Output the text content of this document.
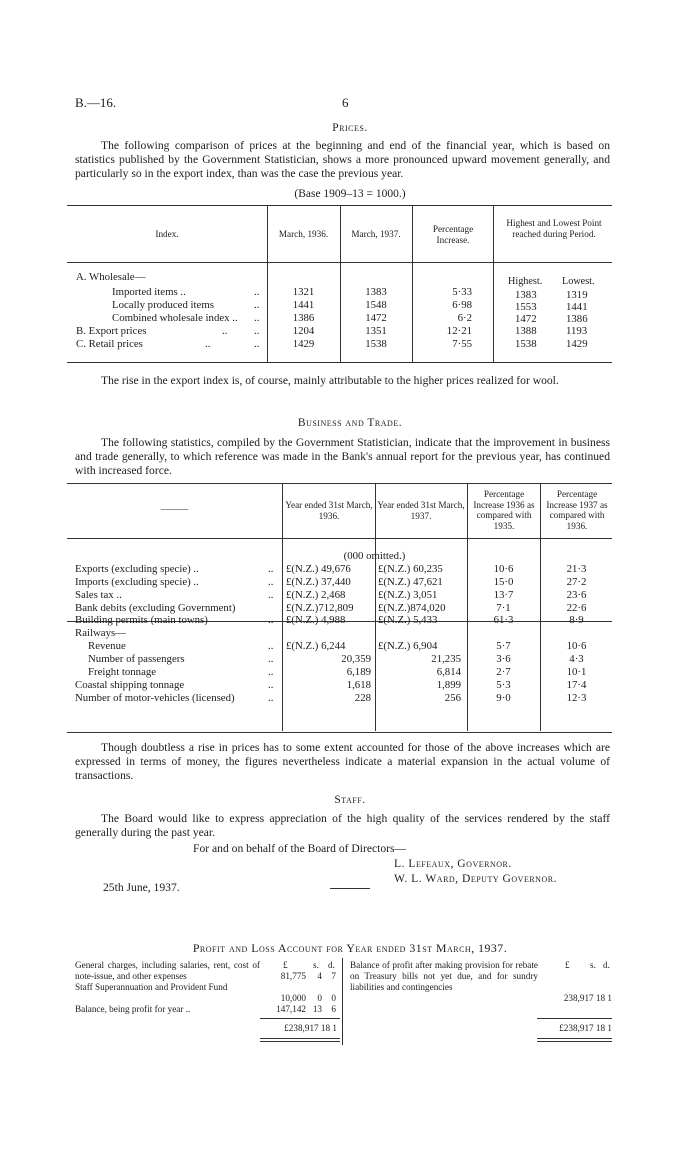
B.—16.	6
Prices.
The following comparison of prices at the beginning and end of the financial year, which is based on statistics published by the Government Statistician, shows a more pronounced upward movement generally, and particularly so in the export index, than was the case the previous year.
(Base 1909–13 = 1000.)
Index.	March, 1936.	March, 1937.	Percentage Increase.
Highest and Lowest Point reached during Period.
Highest. Lowest.
A. Wholesale—
Imported items ..	..	1321	1383	5·33	1383	1319
Locally produced items	..	1441	1548	6·98	1553	1441
Combined wholesale index .. ..	1386	1472	6·2	1472	1386
B. Export prices	.. ..	1204	1351	12·21	1388	1193
C. Retail prices	..	..	1429	1538	7·55	1538	1429
The rise in the export index is, of course, mainly attributable to the higher prices realized for wool.
Business and Trade.
The following statistics, compiled by the Government Statistician, indicate that the improvement in business and trade generally, to which reference was made in the Bank's annual report for the previous year, has continued with increased force.
———	Year ended 31st March, 1936.
Year ended 31st March, 1937.
Percentage Increase 1936 as compared with 1935.
Percentage Increase 1937 as compared with 1936.
(000 omitted.)
Exports (excluding specie) ..	.. £(N.Z.) 49,676	£(N.Z.) 60,235	10·6	21·3
Imports (excluding specie) ..	.. £(N.Z.) 37,440	£(N.Z.) 47,621	15·0	27·2
Sales tax ..	.. £(N.Z.) 2,468	£(N.Z.) 3,051	13·7	23·6
Bank debits (excluding Government)	£(N.Z.)712,809 £(N.Z.)874,020	7·1	22·6
Building permits (main towns)	.. £(N.Z.) 4,988	£(N.Z.) 5,433	61·3	8·9
Railways—
Revenue	.. £(N.Z.) 6,244	£(N.Z.) 6,904	5·7	10·6
Number of passengers	..	20,359	21,235	3·6	4·3
Freight tonnage	..	6,189	6,814	2·7	10·1
Coastal shipping tonnage	..	1,618	1,899	5·3	17·4
Number of motor-vehicles (licensed)	..	228	256	9·0	12·3
Though doubtless a rise in prices has to some extent accounted for those of the above increases which are expressed in terms of money, the figures nevertheless indicate a material expansion in the actual volume of transactions.
Staff.
The Board would like to express appreciation of the high quality of the services rendered by the staff generally during the past year.
For and on behalf of the Board of Directors—
L. Lefeaux, Governor.
W. L. Ward, Deputy Governor.
25th June, 1937.
Profit and Loss Account for Year ended 31st March, 1937.
£	s. d.
General charges, including salaries, rent, cost of note-issue, and other expenses	81,775	4	7
Staff Superannuation and Provident Fund
10,000	0	0
Balance, being profit for year ..	147,142 13	6
£238,917 18 1
£ s. d.
Balance of profit after making provision for rebate on Treasury bills not yet due, and for sundry liabilities and contingencies
238,917 18 1
£238,917 18 1
